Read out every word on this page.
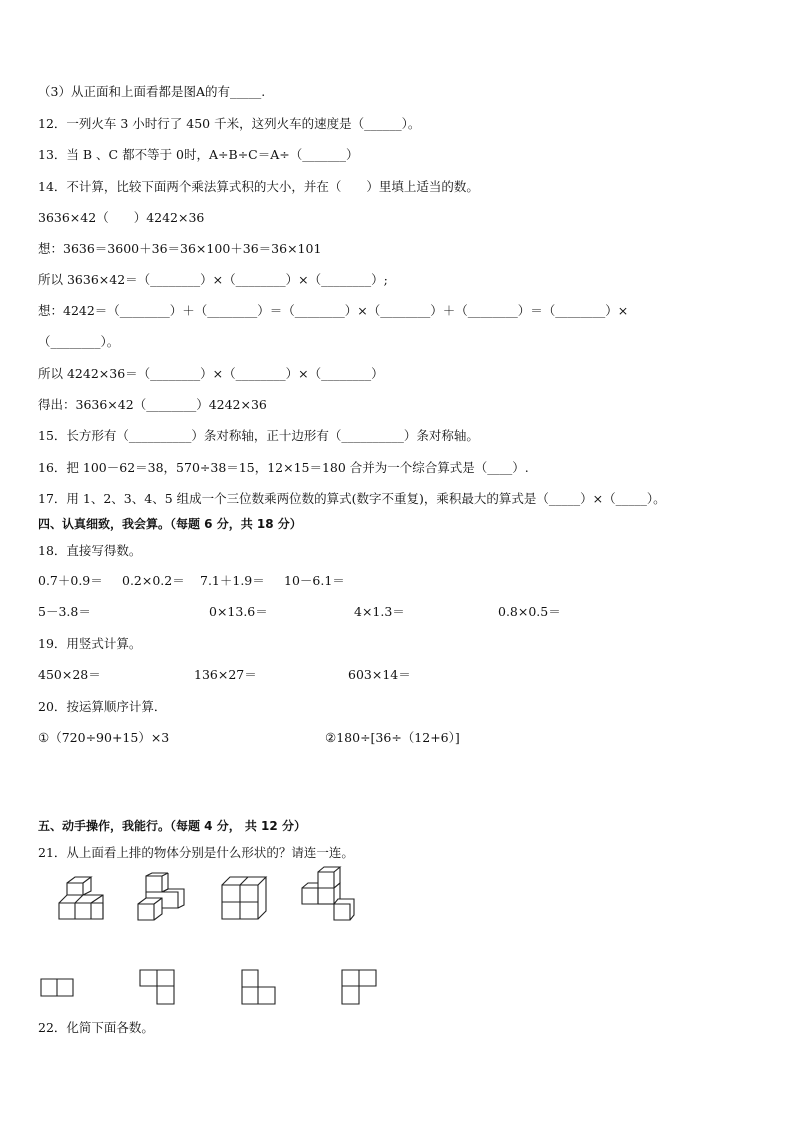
（3）从正面和上面看都是图A的有_____.
12．一列火车 3 小时行了 450 千米，这列火车的速度是（______）。
13．当 B 、C 都不等于 0时，A÷B÷C＝A÷（_______）
14．不计算，比较下面两个乘法算式积的大小，并在（　　）里填上适当的数。
3636×42（　　）4242×36
想：3636＝3600＋36＝36×100＋36＝36×101
所以 3636×42＝（________）×（________）×（________）;
想：4242＝（________）＋（________）＝（________）×（________）＋（________）＝（________）×
（________）。
所以 4242×36＝（________）×（________）×（________）
得出：3636×42（________）4242×36
15．长方形有（__________）条对称轴，正十边形有（__________）条对称轴。
16．把 100－62＝38，570÷38＝15，12×15＝180 合并为一个综合算式是（____）.
17．用 1、2、3、4、5 组成一个三位数乘两位数的算式(数字不重复)，乘积最大的算式是（_____）×（_____）。
四、认真细致，我会算。（每题 6 分，共 18 分）
18．直接写得数。
0.7＋0.9＝ 0.2×0.2＝ 7.1＋1.9＝ 10－6.1＝
5－3.8＝	0×13.6＝	4×1.3＝	0.8×0.5＝
19．用竖式计算。
450×28＝	136×27＝	603×14＝
20．按运算顺序计算．
①（720÷90+15）×3	②180÷[36÷（12+6）]
五、动手操作，我能行。（每题 4 分， 共 12 分）
21．从上面看上排的物体分别是什么形状的？请连一连。
22．化简下面各数。
